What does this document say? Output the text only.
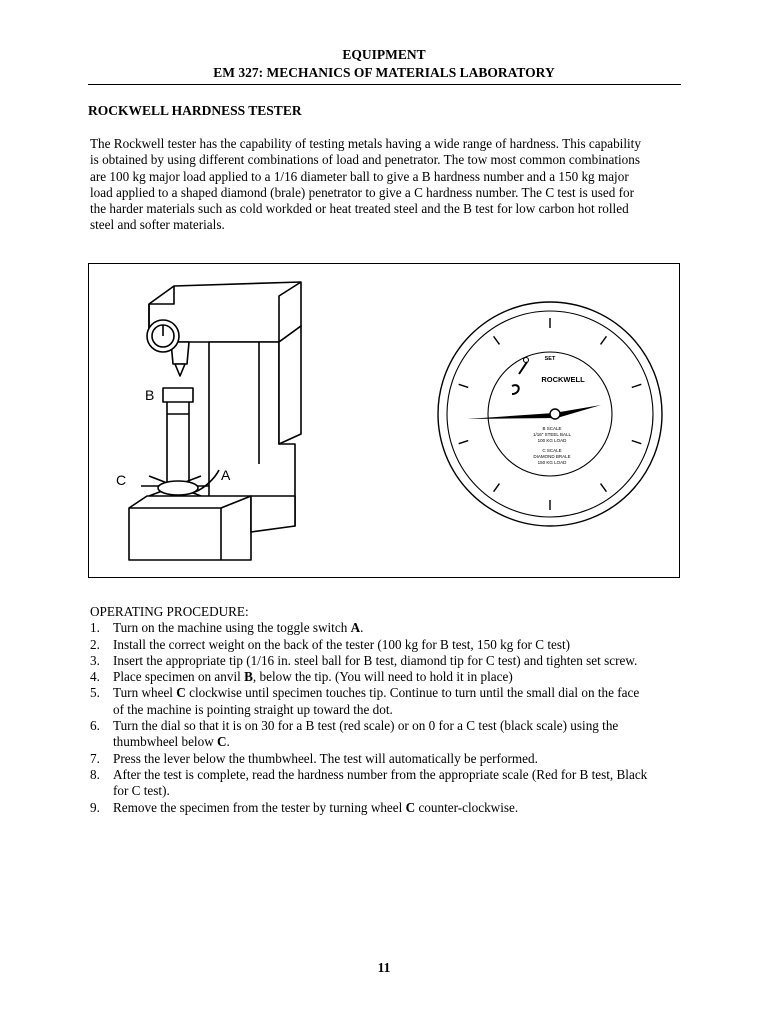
EQUIPMENT
EM 327: MECHANICS OF MATERIALS LABORATORY
ROCKWELL HARDNESS TESTER
The Rockwell tester has the capability of testing metals having a wide range of hardness. This capability
is obtained by using different combinations of load and penetrator. The tow most common combinations
are 100 kg major load applied to a 1/16 diameter ball to give a B hardness number and a 150 kg major
load applied to a shaped diamond (brale) penetrator to give a C hardness number. The C test is used for
the harder materials such as cold workded or heat treated steel and the B test for low carbon hot rolled
steel and softer materials.
B
C	A
SET
ROCKWELL
B SCALE
1/16" STEEL BALL
100 KG LOAD
C SCALE
DIAMOND BRALE
150 KG LOAD
OPERATING PROCEDURE:
1. Turn on the machine using the toggle switch A.
2. Install the correct weight on the back of the tester (100 kg for B test, 150 kg for C test)
3. Insert the appropriate tip (1/16 in. steel ball for B test, diamond tip for C test) and tighten set screw.
4. Place specimen on anvil B, below the tip. (You will need to hold it in place)
5. Turn wheel C clockwise until specimen touches tip. Continue to turn until the small dial on the face
of the machine is pointing straight up toward the dot.
6. Turn the dial so that it is on 30 for a B test (red scale) or on 0 for a C test (black scale) using the
thumbwheel below C.
7. Press the lever below the thumbwheel. The test will automatically be performed.
8. After the test is complete, read the hardness number from the appropriate scale (Red for B test, Black
for C test).
9. Remove the specimen from the tester by turning wheel C counter-clockwise.
11
